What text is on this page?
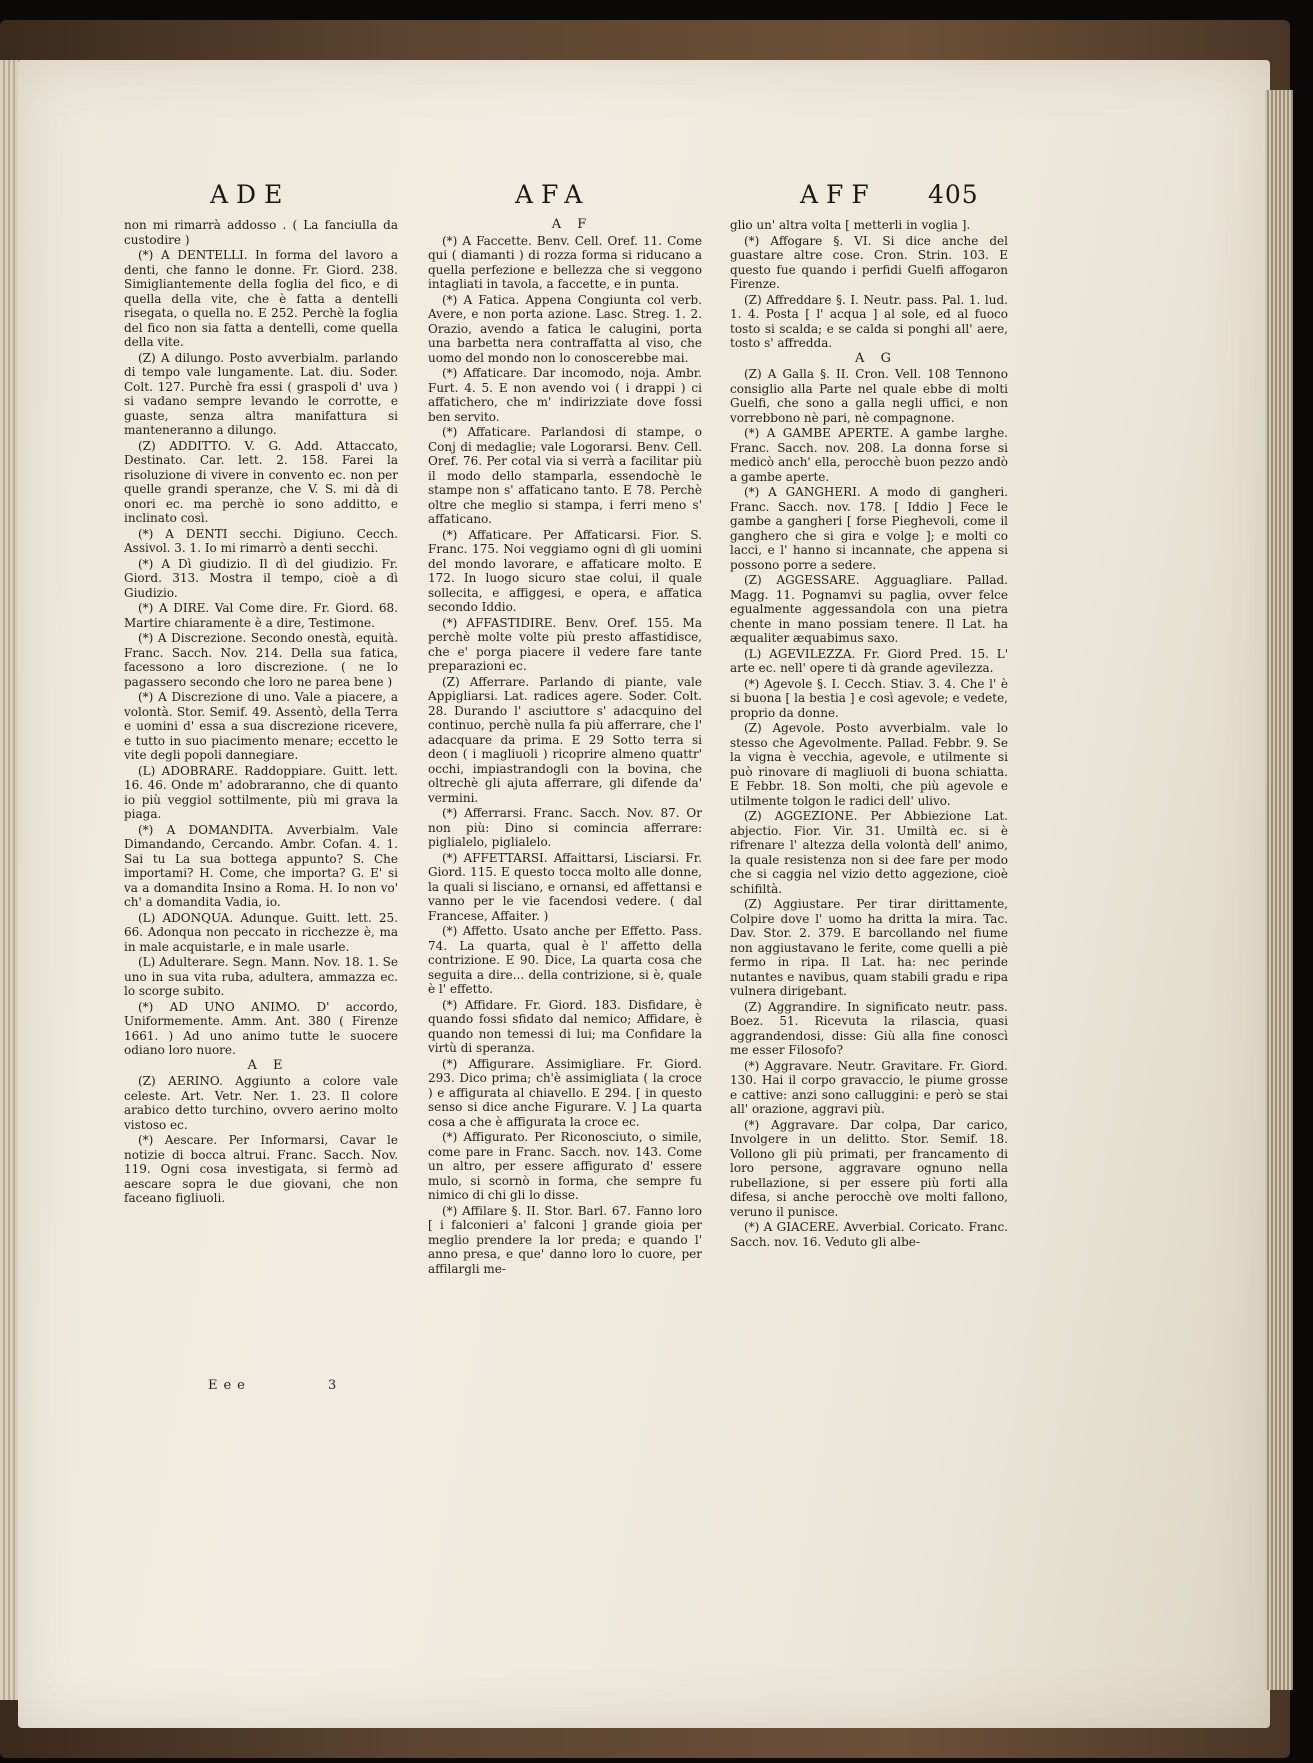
ADE	AFA	AFF 405
non mi rimarrà addosso . ( La fanciulla da custodire )
(*) A DENTELLI. In forma del lavoro a denti, che fanno le donne. Fr. Giord. 238. Simigliantemente della foglia del fico, e di quella della vite, che è fatta a dentelli risegata, o quella no. E 252. Perchè la foglia del fico non sia fatta a dentelli, come quella della vite.
(Z) A dilungo. Posto avverbialm. parlando di tempo vale lungamente. Lat. diu. Soder. Colt. 127. Purchè fra essi ( graspoli d' uva ) si vadano sempre levando le corrotte, e guaste, senza altra manifattura si manteneranno a dilungo.
(Z) ADDITTO. V. G. Add. Attaccato, Destinato. Car. lett. 2. 158. Farei la risoluzione di vivere in convento ec. non per quelle grandi speranze, che V. S. mi dà di onori ec. ma perchè io sono additto, e inclinato così.
(*) A DENTI secchi. Digiuno. Cecch. Assivol. 3. 1. Io mi rimarrò a denti secchi.
(*) A Dì giudizio. Il dì del giudizio. Fr. Giord. 313. Mostra il tempo, cioè a dì Giudizio.
(*) A DIRE. Val Come dire. Fr. Giord. 68. Martire chiaramente è a dire, Testimone.
(*) A Discrezione. Secondo onestà, equità. Franc. Sacch. Nov. 214. Della sua fatica, facessono a loro discrezione. ( ne lo pagassero secondo che loro ne parea bene )
(*) A Discrezione di uno. Vale a piacere, a volontà. Stor. Semif. 49. Assentò, della Terra e uomini d' essa a sua discrezione ricevere, e tutto in suo piacimento menare; eccetto le vite degli popoli dannegiare.
(L) ADOBRARE. Raddoppiare. Guitt. lett. 16. 46. Onde m' adobraranno, che di quanto io più veggiol sottilmente, più mi grava la piaga.
(*) A DOMANDITA. Avverbialm. Vale Dimandando, Cercando. Ambr. Cofan. 4. 1. Sai tu La sua bottega appunto? S. Che importami? H. Come, che importa? G. E' si va a domandita Insino a Roma. H. Io non vo' ch' a domandita Vadia, io.
(L) ADONQUA. Adunque. Guitt. lett. 25. 66. Adonqua non peccato in ricchezze è, ma in male acquistarle, e in male usarle.
(L) Adulterare. Segn. Mann. Nov. 18. 1. Se uno in sua vita ruba, adultera, ammazza ec. lo scorge subito.
(*) AD UNO ANIMO. D' accordo, Uniformemente. Amm. Ant. 380 ( Firenze 1661. ) Ad uno animo tutte le suocere odiano loro nuore.
A E
(Z) AERINO. Aggiunto a colore vale celeste. Art. Vetr. Ner. 1. 23. Il colore arabico detto turchino, ovvero aerino molto vistoso ec.
(*) Aescare. Per Informarsi, Cavar le notizie di bocca altrui. Franc. Sacch. Nov. 119. Ogni cosa investigata, si fermò ad aescare sopra le due giovani, che non faceano figliuoli.
A F
(*) A Faccette. Benv. Cell. Oref. 11. Come qui ( diamanti ) di rozza forma si riducano a quella perfezione e bellezza che si veggono intagliati in tavola, a faccette, e in punta.
(*) A Fatica. Appena Congiunta col verb. Avere, e non porta azione. Lasc. Streg. 1. 2. Orazio, avendo a fatica le calugini, porta una barbetta nera contraffatta al viso, che uomo del mondo non lo conoscerebbe mai.
(*) Affaticare. Dar incomodo, noja. Ambr. Furt. 4. 5. E non avendo voi ( i drappi ) ci affatichero, che m' indirizziate dove fossi ben servito.
(*) Affaticare. Parlandosi di stampe, o Conj di medaglie; vale Logorarsi. Benv. Cell. Oref. 76. Per cotal via si verrà a facilitar più il modo dello stamparla, essendochè le stampe non s' affaticano tanto. E 78. Perchè oltre che meglio si stampa, i ferri meno s' affaticano.
(*) Affaticare. Per Affaticarsi. Fior. S. Franc. 175. Noi veggiamo ogni dì gli uomini del mondo lavorare, e affaticare molto. E 172. In luogo sicuro stae colui, il quale sollecita, e affiggesi, e opera, e affatica secondo Iddio.
(*) AFFASTIDIRE. Benv. Oref. 155. Ma perchè molte volte più presto affastidisce, che e' porga piacere il vedere fare tante preparazioni ec.
(Z) Afferrare. Parlando di piante, vale Appigliarsi. Lat. radices agere. Soder. Colt. 28. Durando l' asciuttore s' adacquino del continuo, perchè nulla fa più afferrare, che l' adacquare da prima. E 29 Sotto terra si deon ( i magliuoli ) ricoprire almeno quattr' occhi, impiastrandogli con la bovina, che oltrechè gli ajuta afferrare, gli difende da' vermini.
(*) Afferrarsi. Franc. Sacch. Nov. 87. Or non più: Dino si comincia afferrare: piglialelo, piglialelo.
(*) AFFETTARSI. Affaittarsi, Lisciarsi. Fr. Giord. 115. E questo tocca molto alle donne, la quali si lisciano, e ornansi, ed affettansi e vanno per le vie facendosi vedere. ( dal Francese, Affaiter. )
(*) Affetto. Usato anche per Effetto. Pass. 74. La quarta, qual è l' affetto della contrizione. E 90. Dice, La quarta cosa che seguita a dire... della contrizione, si è, quale è l' effetto.
(*) Affidare. Fr. Giord. 183. Disfidare, è quando fossi sfidato dal nemico; Affidare, è quando non temessi di lui; ma Confidare la virtù di speranza.
(*) Affigurare. Assimigliare. Fr. Giord. 293. Dico prima; ch'è assimigliata ( la croce ) e affigurata al chiavello. E 294. [ in questo senso si dice anche Figurare. V. ] La quarta cosa a che è affigurata la croce ec.
(*) Affigurato. Per Riconosciuto, o simile, come pare in Franc. Sacch. nov. 143. Come un altro, per essere affigurato d' essere mulo, si scornò in forma, che sempre fu nimico di chi gli lo disse.
(*) Affilare §. II. Stor. Barl. 67. Fanno loro [ i falconieri a' falconi ] grande gioia per meglio prendere la lor preda; e quando l' anno presa, e que' danno loro lo cuore, per affilargli me-
glio un' altra volta [ metterli in voglia ].
(*) Affogare §. VI. Si dice anche del guastare altre cose. Cron. Strin. 103. E questo fue quando i perfidi Guelfi affogaron Firenze.
(Z) Affreddare §. I. Neutr. pass. Pal. 1. lud. 1. 4. Posta [ l' acqua ] al sole, ed al fuoco tosto si scalda; e se calda si ponghi all' aere, tosto s' affredda.
A G
(Z) A Galla §. II. Cron. Vell. 108 Tennono consiglio alla Parte nel quale ebbe di molti Guelfi, che sono a galla negli uffici, e non vorrebbono nè pari, nè compagnone.
(*) A GAMBE APERTE. A gambe larghe. Franc. Sacch. nov. 208. La donna forse si medicò anch' ella, perocchè buon pezzo andò a gambe aperte.
(*) A GANGHERI. A modo di gangheri. Franc. Sacch. nov. 178. [ Iddio ] Fece le gambe a gangheri [ forse Pieghevoli, come il ganghero che si gira e volge ]; e molti co lacci, e l' hanno si incannate, che appena si possono porre a sedere.
(Z) AGGESSARE. Agguagliare. Pallad. Magg. 11. Pognamvi su paglia, ovver felce egualmente aggessandola con una pietra chente in mano possiam tenere. Il Lat. ha æqualiter æquabimus saxo.
(L) AGEVILEZZA. Fr. Giord Pred. 15. L' arte ec. nell' opere ti dà grande agevilezza.
(*) Agevole §. I. Cecch. Stiav. 3. 4. Che l' è si buona [ la bestia ] e così agevole; e vedete, proprio da donne.
(Z) Agevole. Posto avverbialm. vale lo stesso che Agevolmente. Pallad. Febbr. 9. Se la vigna è vecchia, agevole, e utilmente si può rinovare di magliuoli di buona schiatta. E Febbr. 18. Son molti, che più agevole e utilmente tolgon le radici dell' ulivo.
(Z) AGGEZIONE. Per Abbiezione Lat. abjectio. Fior. Vir. 31. Umiltà ec. si è rifrenare l' altezza della volontà dell' animo, la quale resistenza non si dee fare per modo che si caggia nel vizio detto aggezione, cioè schifiltà.
(Z) Aggiustare. Per tirar dirittamente, Colpire dove l' uomo ha dritta la mira. Tac. Dav. Stor. 2. 379. E barcollando nel fiume non aggiustavano le ferite, come quelli a piè fermo in ripa. Il Lat. ha: nec perinde nutantes e navibus, quam stabili gradu e ripa vulnera dirigebant.
(Z) Aggrandire. In significato neutr. pass. Boez. 51. Ricevuta la rilascia, quasi aggrandendosi, disse: Giù alla fine conoscì me esser Filosofo?
(*) Aggravare. Neutr. Gravitare. Fr. Giord. 130. Hai il corpo gravaccio, le piume grosse e cattive: anzi sono calluggini: e però se stai all' orazione, aggravi più.
(*) Aggravare. Dar colpa, Dar carico, Involgere in un delitto. Stor. Semif. 18. Vollono gli più primati, per francamento di loro persone, aggravare ognuno nella rubellazione, si per essere più forti alla difesa, si anche perocchè ove molti fallono, veruno il punisce.
(*) A GIACERE. Avverbial. Coricato. Franc. Sacch. nov. 16. Veduto gli albe-
Eee	3
